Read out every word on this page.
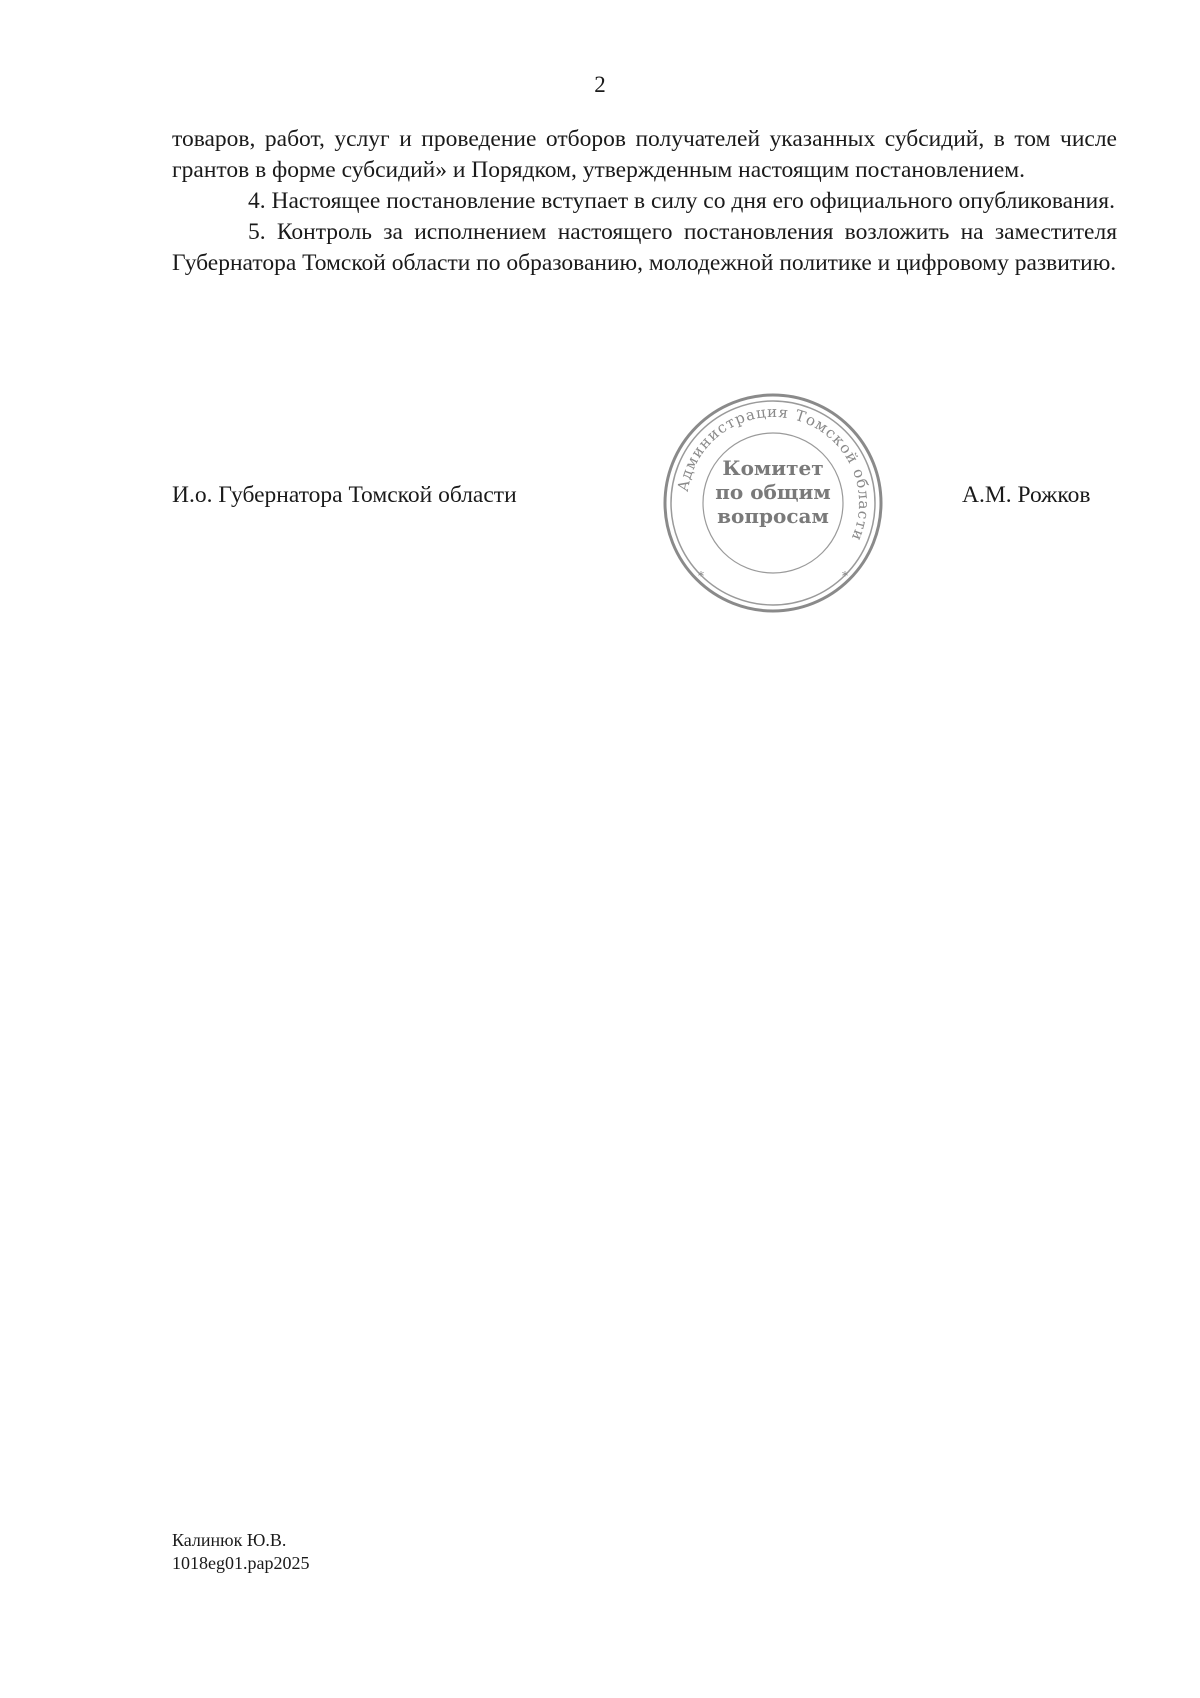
2

товаров, работ, услуг и проведение отборов получателей указанных субсидий, в том числе грантов в форме субсидий» и Порядком, утвержденным настоящим постановлением.

4. Настоящее постановление вступает в силу со дня его официального опубликования.

5. Контроль за исполнением настоящего постановления возложить на заместителя Губернатора Томской области по образованию, молодежной политике и цифровому развитию.

И.о. Губернатора Томской области	Администрация Томской области
*	*
Комитет
по общим
вопросам
А.М. Рожков
Калинюк Ю.В.
1018eg01.pap2025
